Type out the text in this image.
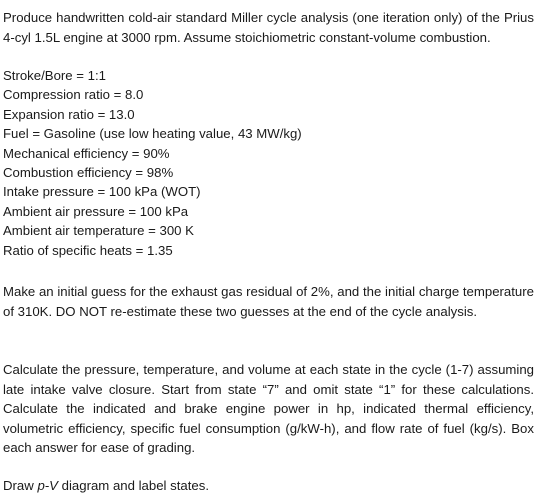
Produce handwritten cold-air standard Miller cycle analysis (one iteration only) of the Prius 4-cyl 1.5L engine at 3000 rpm. Assume stoichiometric constant-volume combustion.

Stroke/Bore = 1:1
Compression ratio = 8.0
Expansion ratio = 13.0
Fuel = Gasoline (use low heating value, 43 MW/kg)
Mechanical efficiency = 90%
Combustion efficiency = 98%
Intake pressure = 100 kPa (WOT)
Ambient air pressure = 100 kPa
Ambient air temperature = 300 K
Ratio of specific heats = 1.35

Make an initial guess for the exhaust gas residual of 2%, and the initial charge temperature of 310K. DO NOT re-estimate these two guesses at the end of the cycle analysis.

Calculate the pressure, temperature, and volume at each state in the cycle (1-7) assuming late intake valve closure. Start from state “7” and omit state “1” for these calculations. Calculate the indicated and brake engine power in hp, indicated thermal efficiency, volumetric efficiency, specific fuel consumption (g/kW-h), and flow rate of fuel (kg/s). Box each answer for ease of grading.

Draw p-V diagram and label states.
